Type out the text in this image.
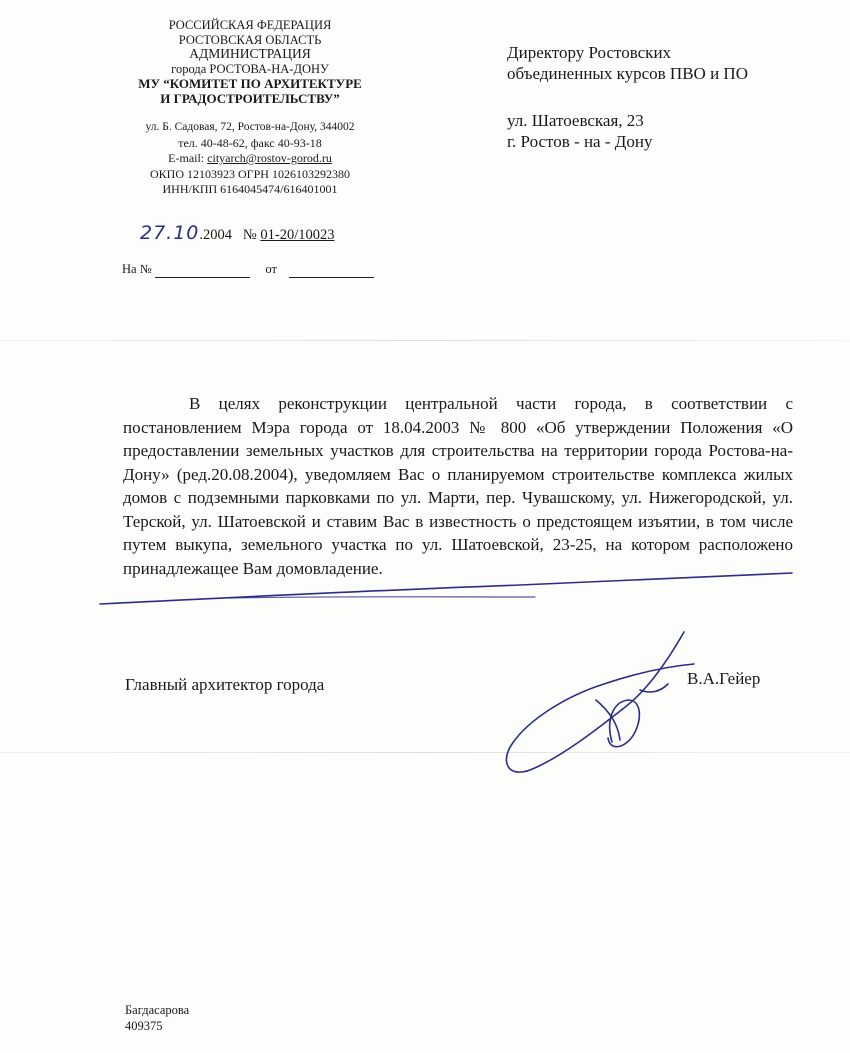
РОССИЙСКАЯ ФЕДЕРАЦИЯ
РОСТОВСКАЯ ОБЛАСТЬ
АДМИНИСТРАЦИЯ
города РОСТОВА-НА-ДОНУ
МУ “КОМИТЕТ ПО АРХИТЕКТУРЕ
И ГРАДОСТРОИТЕЛЬСТВУ”
ул. Б. Садовая, 72, Ростов-на-Дону, 344002
тел. 40-48-62, факс 40-93-18
E-mail: cityarch@rostov-gorod.ru
ОКПО 12103923 ОГРН 1026103292380
ИНН/КПП 6164045474/616401001
27.10.2004 № 01-20/10023
На №	от
Директору Ростовских
объединенных курсов ПВО и ПО
ул. Шатоевская, 23
г. Ростов - на - Дону
В целях реконструкции центральной части города, в соответствии с постановлением Мэра города от 18.04.2003 № 800 «Об утверждении Положения «О предоставлении земельных участков для строительства на территории города Ростова-на-Дону» (ред.20.08.2004), уведомляем Вас о планируемом строительстве комплекса жилых домов с подземными парковками по ул. Марти, пер. Чувашскому, ул. Нижегородской, ул. Терской, ул. Шатоевской и ставим Вас в известность о предстоящем изъятии, в том числе путем выкупа, земельного участка по ул. Шатоевской, 23-25, на котором расположено принадлежащее Вам домовладение.
Главный архитектор города	В.А.Гейер
Багдасарова
409375
